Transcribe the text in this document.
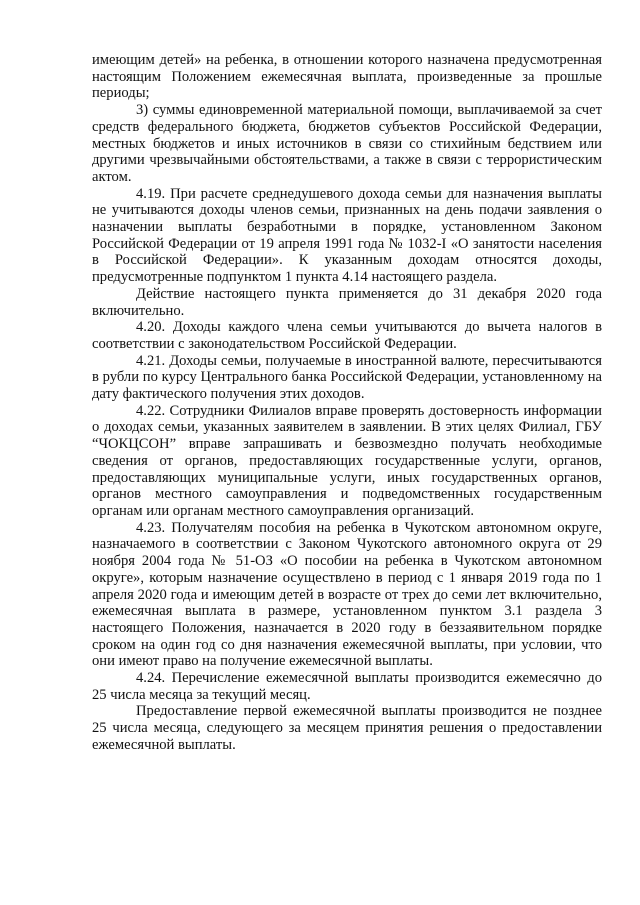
имеющим детей» на ребенка, в отношении которого назначена предусмотренная настоящим Положением ежемесячная выплата, произведенные за прошлые периоды;

3) суммы единовременной материальной помощи, выплачиваемой за счет средств федерального бюджета, бюджетов субъектов Российской Федерации, местных бюджетов и иных источников в связи со стихийным бедствием или другими чрезвычайными обстоятельствами, а также в связи с террористическим актом.

4.19. При расчете среднедушевого дохода семьи для назначения выплаты не учитываются доходы членов семьи, признанных на день подачи заявления о назначении выплаты безработными в порядке, установленном Законом Российской Федерации от 19 апреля 1991 года № 1032-I «О занятости населения в Российской Федерации». К указанным доходам относятся доходы, предусмотренные подпунктом 1 пункта 4.14 настоящего раздела.

Действие настоящего пункта применяется до 31 декабря 2020 года включительно.

4.20. Доходы каждого члена семьи учитываются до вычета налогов в соответствии с законодательством Российской Федерации.

4.21. Доходы семьи, получаемые в иностранной валюте, пересчитываются в рубли по курсу Центрального банка Российской Федерации, установленному на дату фактического получения этих доходов.

4.22. Сотрудники Филиалов вправе проверять достоверность информации о доходах семьи, указанных заявителем в заявлении. В этих целях Филиал, ГБУ “ЧОКЦСОН” вправе запрашивать и безвозмездно получать необходимые сведения от органов, предоставляющих государственные услуги, органов, предоставляющих муниципальные услуги, иных государственных органов, органов местного самоуправления и подведомственных государственным органам или органам местного самоуправления организаций.

4.23. Получателям пособия на ребенка в Чукотском автономном округе, назначаемого в соответствии с Законом Чукотского автономного округа от 29 ноября 2004 года № 51-ОЗ «О пособии на ребенка в Чукотском автономном округе», которым назначение осуществлено в период с 1 января 2019 года по 1 апреля 2020 года и имеющим детей в возрасте от трех до семи лет включительно, ежемесячная выплата в размере, установленном пунктом 3.1 раздела 3 настоящего Положения, назначается в 2020 году в беззаявительном порядке сроком на один год со дня назначения ежемесячной выплаты, при условии, что они имеют право на получение ежемесячной выплаты.

4.24. Перечисление ежемесячной выплаты производится ежемесячно до 25 числа месяца за текущий месяц.

Предоставление первой ежемесячной выплаты производится не позднее 25 числа месяца, следующего за месяцем принятия решения о предоставлении ежемесячной выплаты.
